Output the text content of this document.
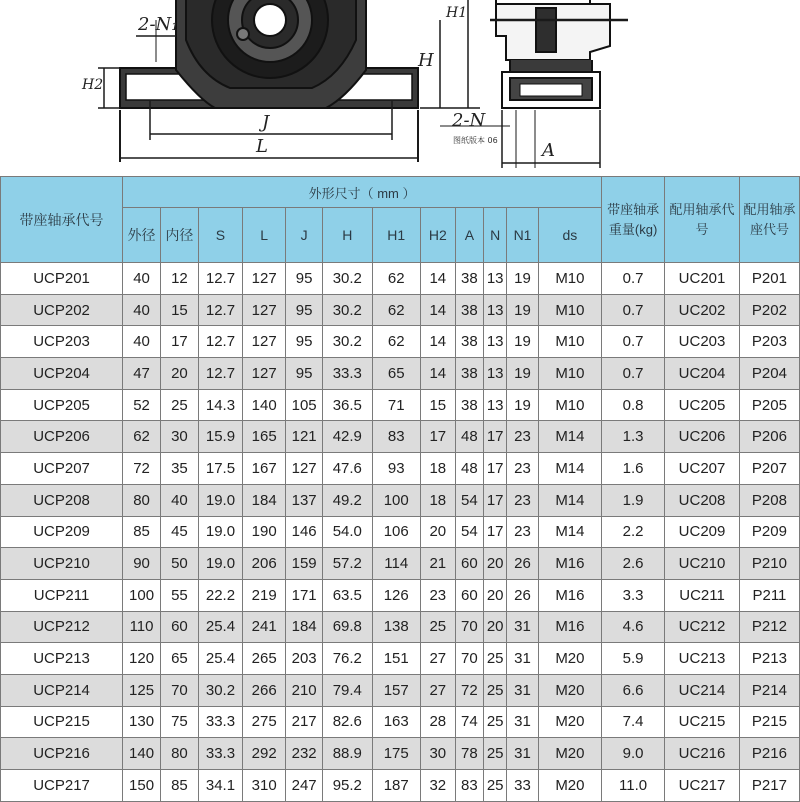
2-N₁
H2
H
H1
J
L
2-N
A
图纸版本 06
带座轴承代号	外形尺寸（ mm ）												带座轴承重量(kg)	配用轴承代号	配用轴承座代号
	外径	内径	S	L	J	H	H1	H2	A	N	N1	ds			
UCP201	40	12	12.7	127	95	30.2	62	14	38	13	19	M10	0.7	UC201	P201
UCP202	40	15	12.7	127	95	30.2	62	14	38	13	19	M10	0.7	UC202	P202
UCP203	40	17	12.7	127	95	30.2	62	14	38	13	19	M10	0.7	UC203	P203
UCP204	47	20	12.7	127	95	33.3	65	14	38	13	19	M10	0.7	UC204	P204
UCP205	52	25	14.3	140	105	36.5	71	15	38	13	19	M10	0.8	UC205	P205
UCP206	62	30	15.9	165	121	42.9	83	17	48	17	23	M14	1.3	UC206	P206
UCP207	72	35	17.5	167	127	47.6	93	18	48	17	23	M14	1.6	UC207	P207
UCP208	80	40	19.0	184	137	49.2	100	18	54	17	23	M14	1.9	UC208	P208
UCP209	85	45	19.0	190	146	54.0	106	20	54	17	23	M14	2.2	UC209	P209
UCP210	90	50	19.0	206	159	57.2	114	21	60	20	26	M16	2.6	UC210	P210
UCP211	100	55	22.2	219	171	63.5	126	23	60	20	26	M16	3.3	UC211	P211
UCP212	110	60	25.4	241	184	69.8	138	25	70	20	31	M16	4.6	UC212	P212
UCP213	120	65	25.4	265	203	76.2	151	27	70	25	31	M20	5.9	UC213	P213
UCP214	125	70	30.2	266	210	79.4	157	27	72	25	31	M20	6.6	UC214	P214
UCP215	130	75	33.3	275	217	82.6	163	28	74	25	31	M20	7.4	UC215	P215
UCP216	140	80	33.3	292	232	88.9	175	30	78	25	31	M20	9.0	UC216	P216
UCP217	150	85	34.1	310	247	95.2	187	32	83	25	33	M20	11.0	UC217	P217
